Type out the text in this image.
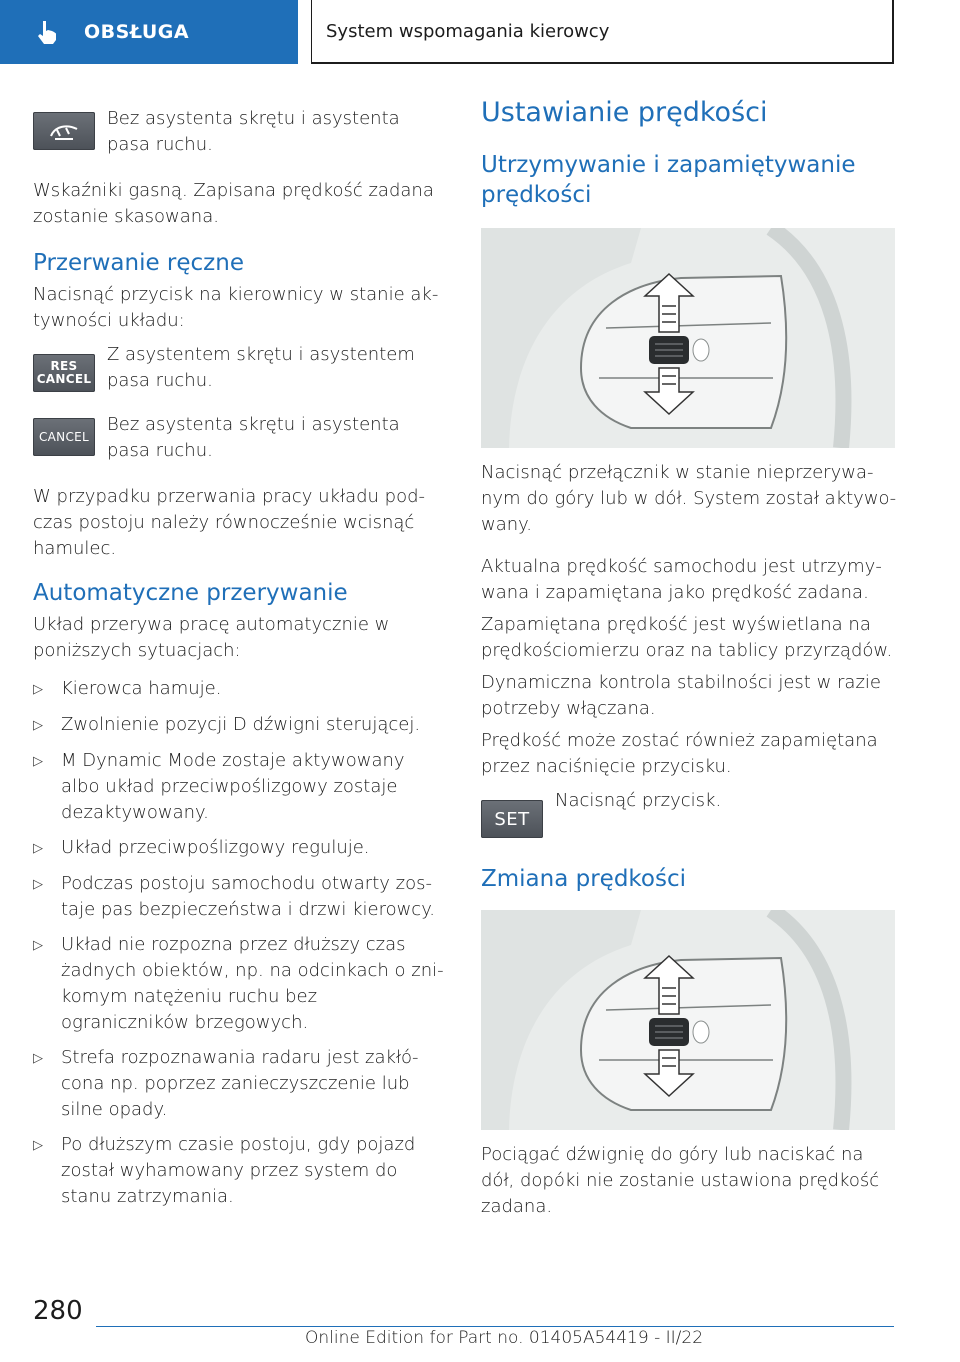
OBSŁUGA	System wspomagania kierowcy

Bez asystenta skrętu i asystenta pasa ruchu.

Wskaźniki gasną. Zapisana prędkość zadana zostanie skasowana.

Przerwanie ręczne

Nacisnąć przycisk na kierownicy w stanie aktywności układu:

RES
CANCEL

Z asystentem skrętu i asystentem pasa ruchu.

CANCEL

Bez asystenta skrętu i asystenta pasa ruchu.

W przypadku przerwania pracy układu podczas postoju należy równocześnie wcisnąć hamulec.

Automatyczne przerywanie

Układ przerywa pracę automatycznie w poniższych sytuacjach:

▷	Kierowca hamuje.
▷	Zwolnienie pozycji D dźwigni sterującej.
▷	M Dynamic Mode zostaje aktywowany albo układ przeciwpoślizgowy zostaje dezaktywowany.
▷	Układ przeciwpoślizgowy reguluje.
▷	Podczas postoju samochodu otwarty zostaje pas bezpieczeństwa i drzwi kierowcy.
▷	Układ nie rozpozna przez dłuższy czas żadnych obiektów, np. na odcinkach o znikomym natężeniu ruchu bez ograniczników brzegowych.
▷	Strefa rozpoznawania radaru jest zakłócona np. poprzez zanieczyszczenie lub silne opady.
▷	Po dłuższym czasie postoju, gdy pojazd został wyhamowany przez system do stanu zatrzymania.
Ustawianie prędkości
Utrzymywanie i zapamiętywanie prędkości

Nacisnąć przełącznik w stanie nieprzerywanym do góry lub w dół. System został aktywowany.

Aktualna prędkość samochodu jest utrzymywana i zapamiętana jako prędkość zadana.

Zapamiętana prędkość jest wyświetlana na prędkościomierzu oraz na tablicy przyrządów.

Dynamiczna kontrola stabilności jest w razie potrzeby włączana.

Prędkość może zostać również zapamiętana przez naciśnięcie przycisku.

SET

Nacisnąć przycisk.

Zmiana prędkości

Pociągać dźwignię do góry lub naciskać na dół, dopóki nie zostanie ustawiona prędkość zadana.

280
Online Edition for Part no. 01405A54419 - II/22
